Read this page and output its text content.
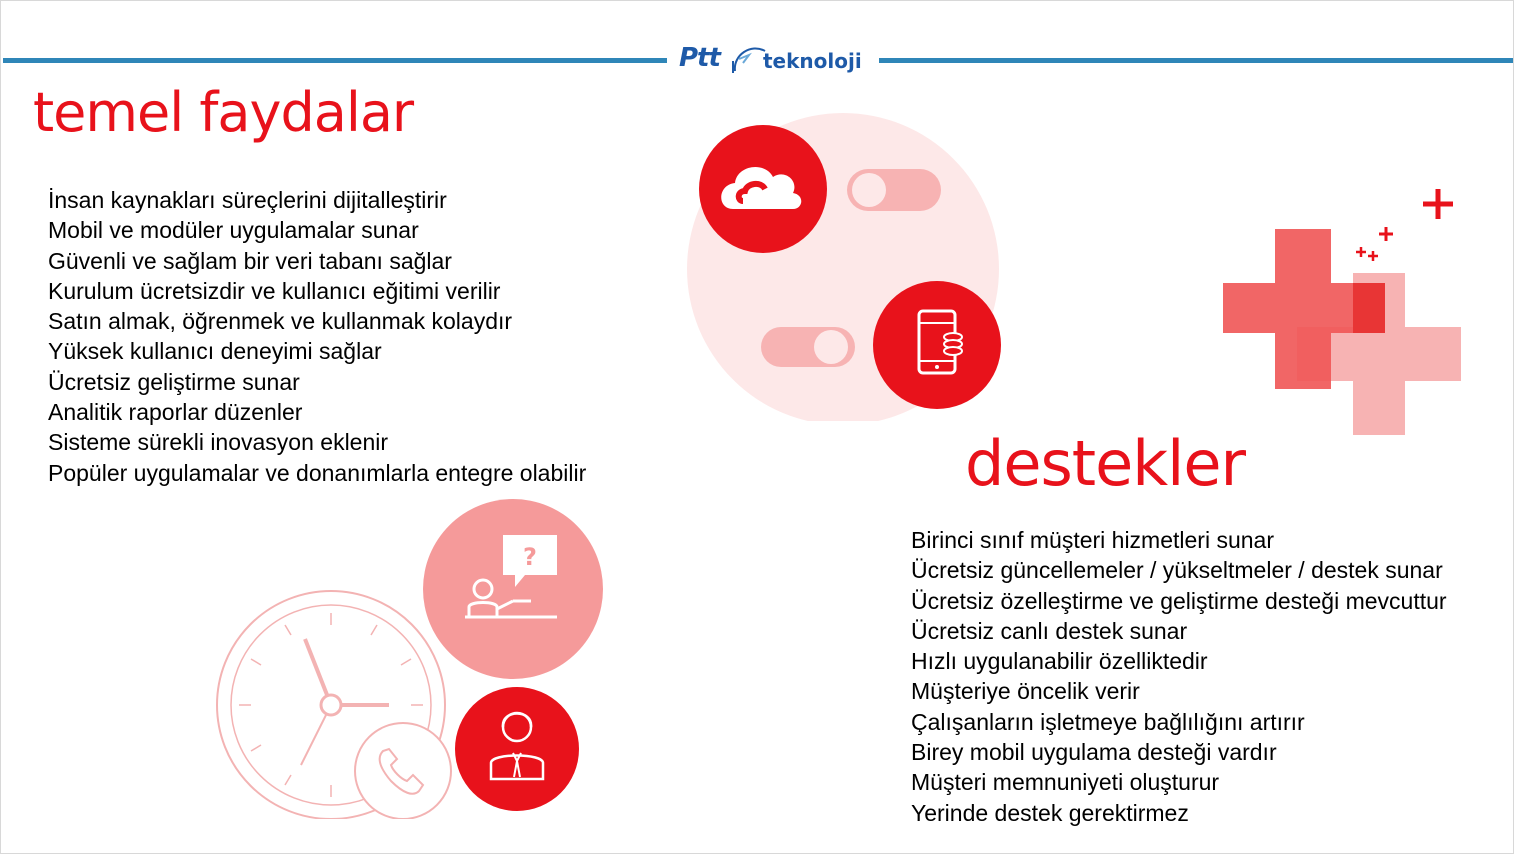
Ptt teknoloji
temel faydalar
İnsan kaynakları süreçlerini dijitalleştirir
Mobil ve modüler uygulamalar sunar
Güvenli ve sağlam bir veri tabanı sağlar
Kurulum ücretsizdir ve kullanıcı eğitimi verilir
Satın almak, öğrenmek ve kullanmak kolaydır
Yüksek kullanıcı deneyimi sağlar
Ücretsiz geliştirme sunar
Analitik raporlar düzenler
Sisteme sürekli inovasyon eklenir
Popüler uygulamalar ve donanımlarla entegre olabilir	destekler
Birinci sınıf müşteri hizmetleri sunar
Ücretsiz güncellemeler / yükseltmeler / destek sunar
Ücretsiz özelleştirme ve geliştirme desteği mevcuttur
Ücretsiz canlı destek sunar
Hızlı uygulanabilir özelliktedir
Müşteriye öncelik verir
Çalışanların işletmeye bağlılığını artırır
Birey mobil uygulama desteği vardır
Müşteri memnuniyeti oluşturur
Yerinde destek gerektirmez
?
